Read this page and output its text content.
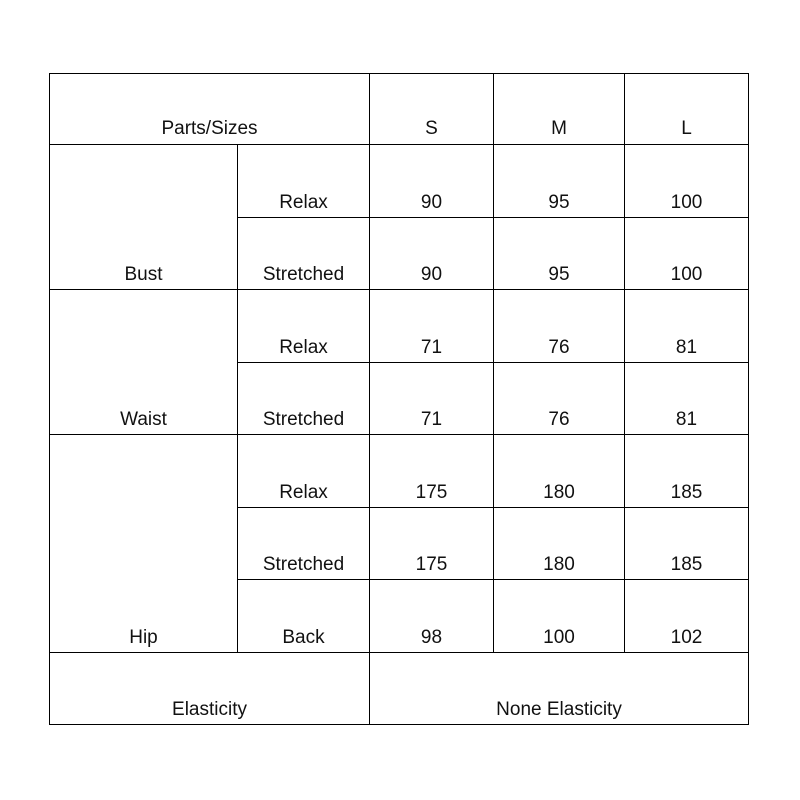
Parts/Sizes	S	M	L
Bust
Relax	90	95	100
Stretched	90	95	100
Waist
Relax	71	76	81
Stretched	71	76	81
Hip
Relax	175	180	185
Stretched	175	180	185
Back	98	100	102
Elasticity	None Elasticity
